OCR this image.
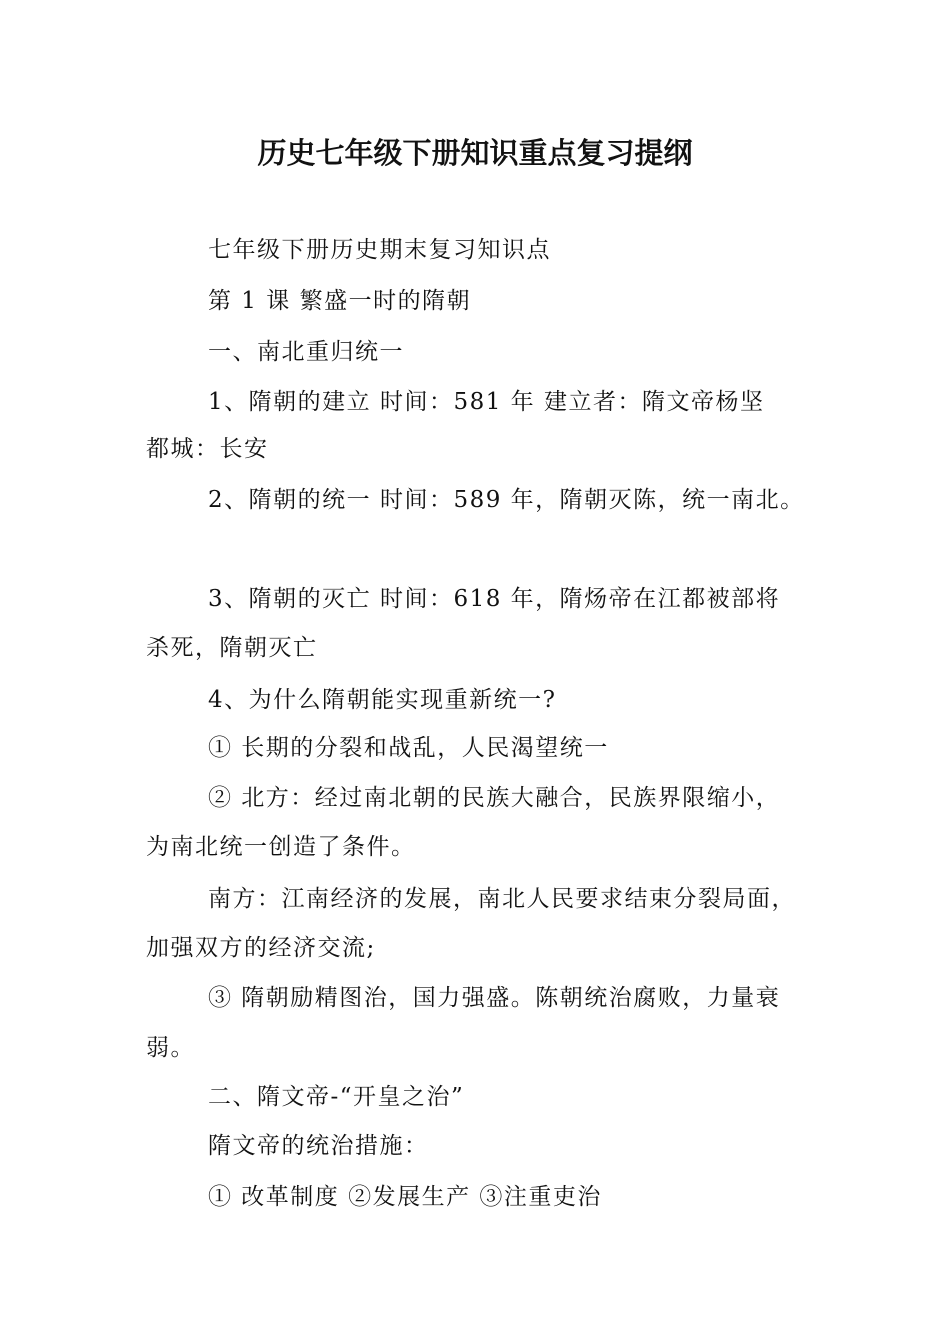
历史七年级下册知识重点复习提纲

七年级下册历史期末复习知识点

第 1 课 繁盛一时的隋朝

一、南北重归统一

1、隋朝的建立 时间：581 年 建立者：隋文帝杨坚

都城：长安

2、隋朝的统一 时间：589 年，隋朝灭陈，统一南北。

3、隋朝的灭亡 时间：618 年，隋炀帝在江都被部将

杀死，隋朝灭亡

4、为什么隋朝能实现重新统一?

① 长期的分裂和战乱，人民渴望统一

② 北方：经过南北朝的民族大融合，民族界限缩小，

为南北统一创造了条件。

南方：江南经济的发展，南北人民要求结束分裂局面，

加强双方的经济交流;

③ 隋朝励精图治，国力强盛。陈朝统治腐败，力量衰

弱。

二、隋文帝-“开皇之治”

隋文帝的统治措施：

① 改革制度 ②发展生产 ③注重吏治
